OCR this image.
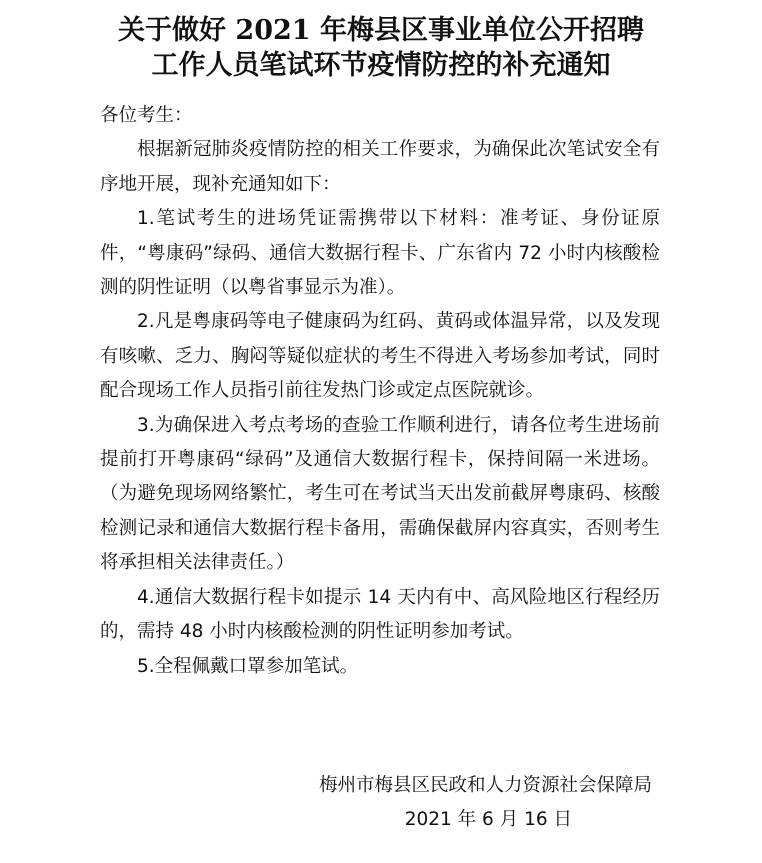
关于做好 2021 年梅县区事业单位公开招聘
工作人员笔试环节疫情防控的补充通知

各位考生：

根据新冠肺炎疫情防控的相关工作要求，为确保此次笔试安全有序地开展，现补充通知如下：

1.笔试考生的进场凭证需携带以下材料：准考证、身份证原件，“粤康码”绿码、通信大数据行程卡、广东省内 72 小时内核酸检测的阴性证明（以粤省事显示为准）。

2.凡是粤康码等电子健康码为红码、黄码或体温异常，以及发现有咳嗽、乏力、胸闷等疑似症状的考生不得进入考场参加考试，同时配合现场工作人员指引前往发热门诊或定点医院就诊。

3.为确保进入考点考场的查验工作顺利进行，请各位考生进场前提前打开粤康码“绿码”及通信大数据行程卡，保持间隔一米进场。（为避免现场网络繁忙，考生可在考试当天出发前截屏粤康码、核酸检测记录和通信大数据行程卡备用，需确保截屏内容真实，否则考生将承担相关法律责任。）

4.通信大数据行程卡如提示 14 天内有中、高风险地区行程经历的，需持 48 小时内核酸检测的阴性证明参加考试。

5.全程佩戴口罩参加笔试。

梅州市梅县区民政和人力资源社会保障局
2021 年 6 月 16 日
